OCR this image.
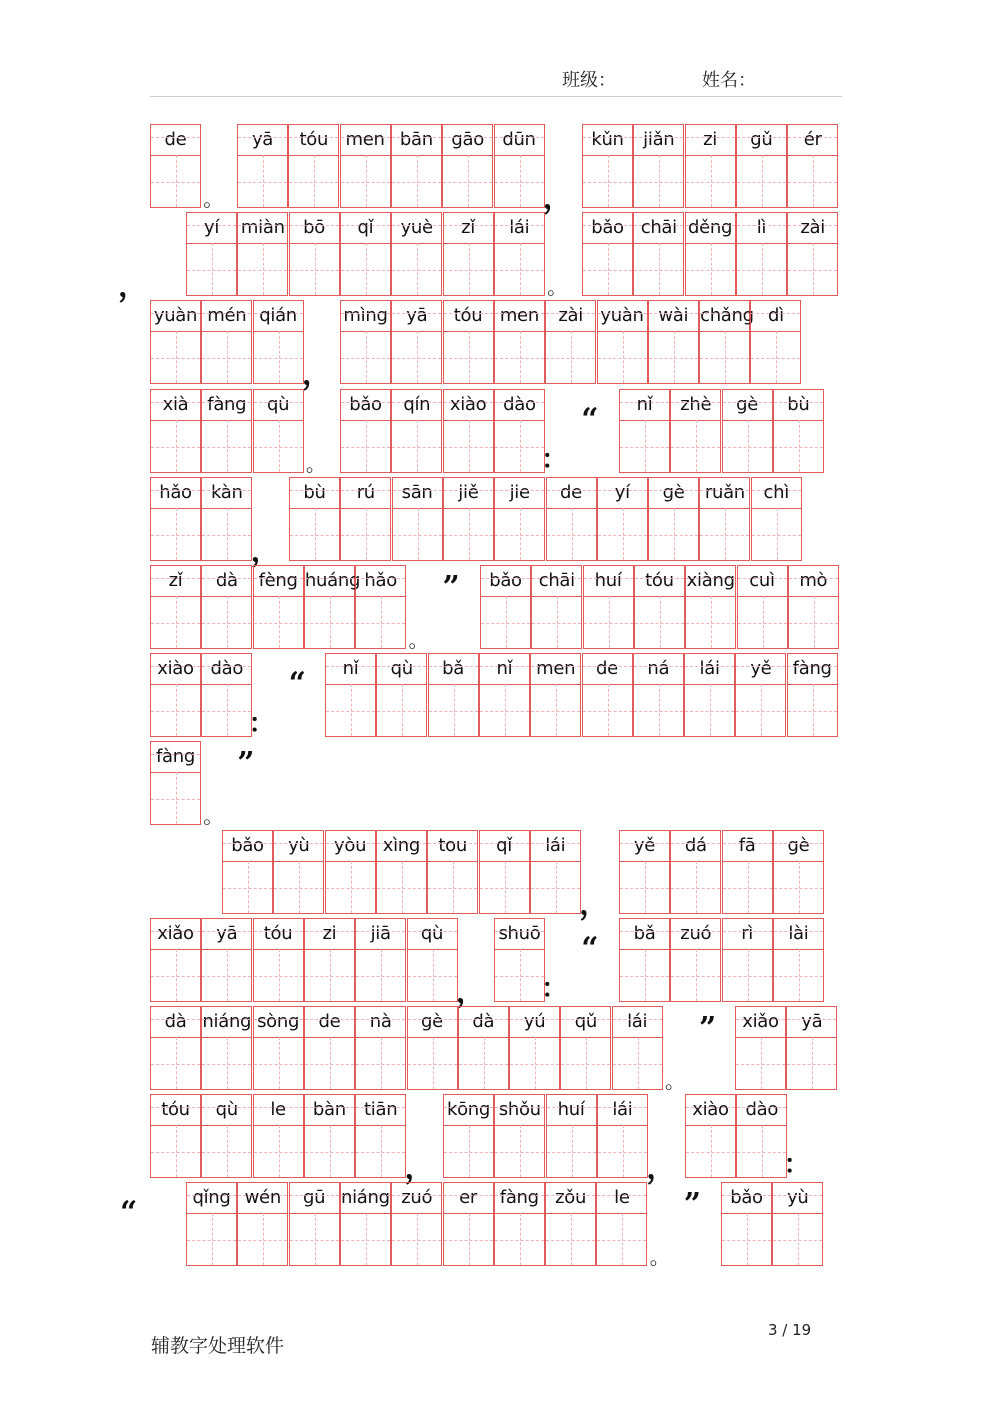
班级：	姓名：
de
。
yā	tóu men bān	gāo	dūn
，
kǔn	jiǎn	zi	gǔ	ér
，
yí	miàn	bō	qǐ	yuè	zǐ	lái
。
bǎo chāi děng	lì	zài
yuàn mén qián
，
mìng	yā	tóu men	zài yuàn wài chǎng dì
xià	fàng	qù
。
bǎo	qín	xiào dào
：
“	nǐ	zhè	gè	bù
hǎo	kàn
，
bù	rú	sān	jiě	jie	de	yí	gè	ruǎn	chì
zǐ	dà	fèng huáng hǎo
。
”	bǎo chāi	huí	tóu xiàng cuì	mò
xiào dào
：
“	nǐ	qù	bǎ	nǐ	men	de	ná	lái	yě	fàng
fàng
。
”
bǎo	yù	yòu xìng	tou	qǐ	lái
，
yě	dá	fā	gè
xiǎo	yā	tóu	zi	jiā	qù
，
shuō
：
“	bǎ	zuó	rì	lài
dà niáng sòng	de	nà	gè	dà	yú	qǔ	lái
。
”	xiǎo	yā
tóu	qù	le	bàn	tiān
，
kōng shǒu huí	lái
，
xiào dào
：
“	qǐng wén	gū niáng zuó	er	fàng zǒu	le
。
”	bǎo	yù
辅教字处理软件
3 / 19
